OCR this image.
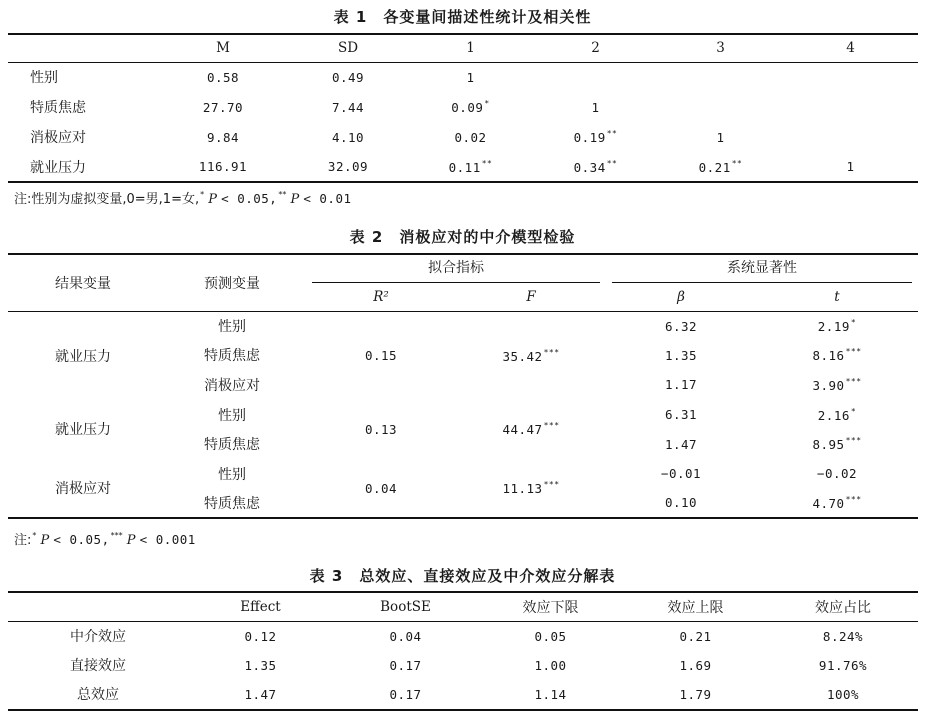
表 1　各变量间描述性统计及相关性
	M	SD	1	2	3	4
性别	0.58	0.49	1			
特质焦虑	27.70	7.44	0.09*	1		
消极应对	9.84	4.10	0.02	0.19**	1	
就业压力	116.91	32.09	0.11**	0.34**	0.21**	1
注:性别为虚拟变量,0=男,1=女,* P < 0.05,** P < 0.01
表 2　消极应对的中介模型检验
结果变量	预测变量	拟合指标		系统显著性	

		R²	F	β	t
就业压力	性别	0.15	35.42***	6.32	2.19*
	特质焦虑			1.35	8.16***
	消极应对			1.17	3.90***
就业压力	性别	0.13	44.47***	6.31	2.16*
	特质焦虑			1.47	8.95***
消极应对	性别	0.04	11.13***	−0.01	−0.02
	特质焦虑			0.10	4.70***
注:* P < 0.05,*** P < 0.001
表 3　总效应、直接效应及中介效应分解表
	Effect	BootSE	效应下限	效应上限	效应占比
中介效应	0.12	0.04	0.05	0.21	8.24%
直接效应	1.35	0.17	1.00	1.69	91.76%
总效应	1.47	0.17	1.14	1.79	100%
